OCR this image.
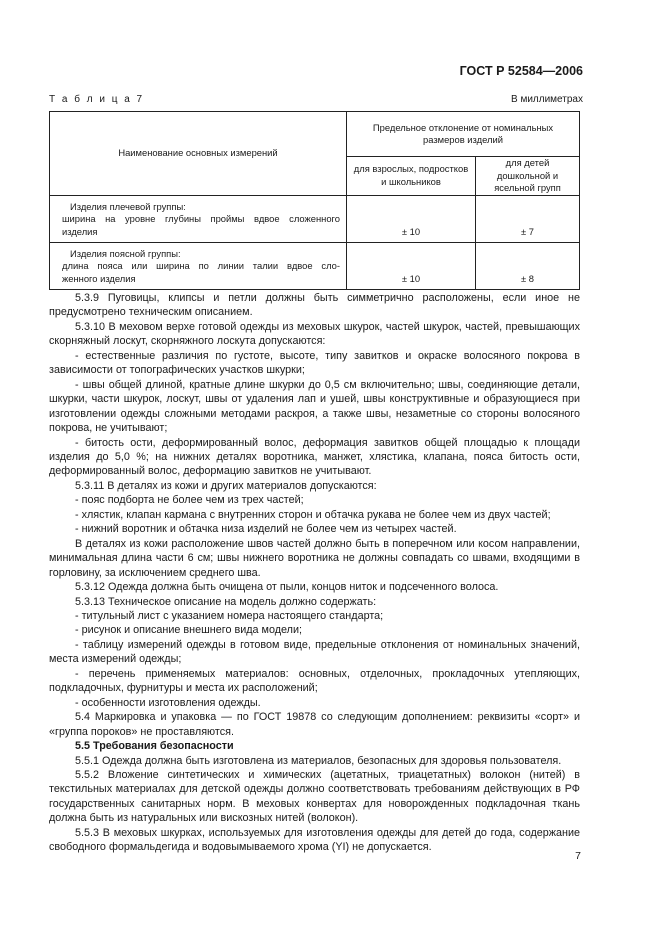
ГОСТ Р 52584—2006
Т а б л и ц а 7	В миллиметрах
Наименование основных измерений	Предельное отклонение от номинальных размеров изделий	
	для взрослых, подростков и школьников	для детей дошкольной и ясельной групп

Изделия плечевой группы:
ширина на уровне глубины проймы вдвое сложенного
изделия	± 10	± 7

Изделия поясной группы:
длина пояса или ширина по линии талии вдвое сло-
женного изделия	± 10	± 8

5.3.9 Пуговицы, клипсы и петли должны быть симметрично расположены, если иное не предусмотрено техническим описанием.

5.3.10 В меховом верхе готовой одежды из меховых шкурок, частей шкурок, частей, превышающих скорняжный лоскут, скорняжного лоскута допускаются:

- естественные различия по густоте, высоте, типу завитков и окраске волосяного покрова в зависимости от топографических участков шкурки;

- швы общей длиной, кратные длине шкурки до 0,5 см включительно; швы, соединяющие детали, шкурки, части шкурок, лоскут, швы от удаления лап и ушей, швы конструктивные и образующиеся при изготовлении одежды сложными методами раскроя, а также швы, незаметные со стороны волосяного покрова, не учитывают;

- битость ости, деформированный волос, деформация завитков общей площадью к площади изделия до 5,0 %; на нижних деталях воротника, манжет, хлястика, клапана, пояса битость ости, деформированный волос, деформацию завитков не учитывают.

5.3.11 В деталях из кожи и других материалов допускаются:

- пояс подборта не более чем из трех частей;

- хлястик, клапан кармана с внутренних сторон и обтачка рукава не более чем из двух частей;

- нижний воротник и обтачка низа изделий не более чем из четырех частей.

В деталях из кожи расположение швов частей должно быть в поперечном или косом направлении, минимальная длина части 6 см; швы нижнего воротника не должны совпадать со швами, входящими в горловину, за исключением среднего шва.

5.3.12 Одежда должна быть очищена от пыли, концов ниток и подсеченного волоса.

5.3.13 Техническое описание на модель должно содержать:

- титульный лист с указанием номера настоящего стандарта;

- рисунок и описание внешнего вида модели;

- таблицу измерений одежды в готовом виде, предельные отклонения от номинальных значений, места измерений одежды;

- перечень применяемых материалов: основных, отделочных, прокладочных утепляющих, подкладочных, фурнитуры и места их расположений;

- особенности изготовления одежды.

5.4 Маркировка и упаковка — по ГОСТ 19878 со следующим дополнением: реквизиты «сорт» и «группа пороков» не проставляются.

5.5 Требования безопасности

5.5.1 Одежда должна быть изготовлена из материалов, безопасных для здоровья пользователя.

5.5.2 Вложение синтетических и химических (ацетатных, триацетатных) волокон (нитей) в текстильных материалах для детской одежды должно соответствовать требованиям действующих в РФ государственных санитарных норм. В меховых конвертах для новорожденных подкладочная ткань должна быть из натуральных или вискозных нитей (волокон).

5.5.3 В меховых шкурках, используемых для изготовления одежды для детей до года, содержание свободного формальдегида и водовымываемого хрома (YI) не допускается.

7
